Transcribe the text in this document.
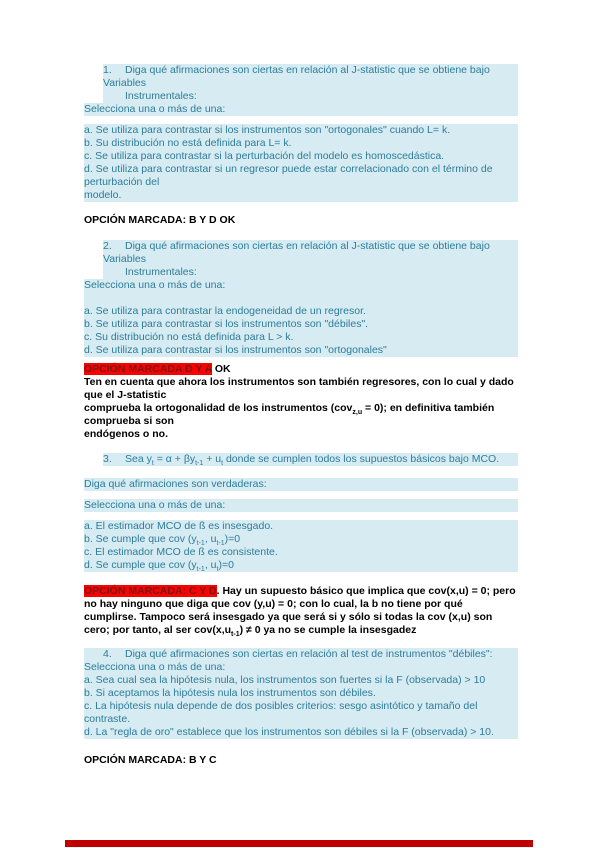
1. Diga qué afirmaciones son ciertas en relación al J-statistic que se obtiene bajo Variables
Instrumentales:
Selecciona una o más de una:
a. Se utiliza para contrastar si los instrumentos son "ortogonales" cuando L= k.
b. Su distribución no está definida para L= k.
c. Se utiliza para contrastar si la perturbación del modelo es homoscedástica.
d. Se utiliza para contrastar si un regresor puede estar correlacionado con el término de perturbación del
modelo.
OPCIÓN MARCADA: B Y D OK
2. Diga qué afirmaciones son ciertas en relación al J-statistic que se obtiene bajo Variables
Instrumentales:
Selecciona una o más de una:

a. Se utiliza para contrastar la endogeneidad de un regresor.
b. Se utiliza para contrastar si los instrumentos son "débiles".
c. Su distribución no está definida para L > k.
d. Se utiliza para contrastar si los instrumentos son "ortogonales"
OPCIÓN MARCADA D Y A OK
Ten en cuenta que ahora los instrumentos son también regresores, con lo cual y dado que el J-statistic
comprueba la ortogonalidad de los instrumentos (cov$_{z,u}$ = 0); en definitiva también comprueba si son
endógenos o no.
3. Sea $y_t = \alpha + \beta y_{t-1} + u_t$ donde se cumplen todos los supuestos básicos bajo MCO.
Diga qué afirmaciones son verdaderas:
Selecciona una o más de una:
a. El estimador MCO de ß es insesgado.
b. Se cumple que cov ($y_{t-1}$, $u_{t-1})=0$
c. El estimador MCO de ß es consistente.
d. Se cumple que cov ($y_{t-1}$, $u_t)=0$
OPCIÓN MARCADA: C Y D. Hay un supuesto básico que implica que cov(x,u) = 0; pero no hay ninguno que diga que cov (y,u) = 0; con lo cual, la b no tiene por qué cumplirse. Tampoco será insesgado ya que será si y sólo si todas la cov (x,u) son cero; por tanto, al ser $cov(x,u_{t-1}) \ne 0$ ya no se cumple la insesgadez
4. Diga qué afirmaciones son ciertas en relación al test de instrumentos "débiles":
Selecciona una o más de una:
a. Sea cual sea la hipótesis nula, los instrumentos son fuertes si la F (observada) > 10
b. Si aceptamos la hipótesis nula los instrumentos son débiles.
c. La hipótesis nula depende de dos posibles criterios: sesgo asintótico y tamaño del contraste.
d. La "regla de oro" establece que los instrumentos son débiles si la F (observada) > 10.
OPCIÓN MARCADA: B Y C
